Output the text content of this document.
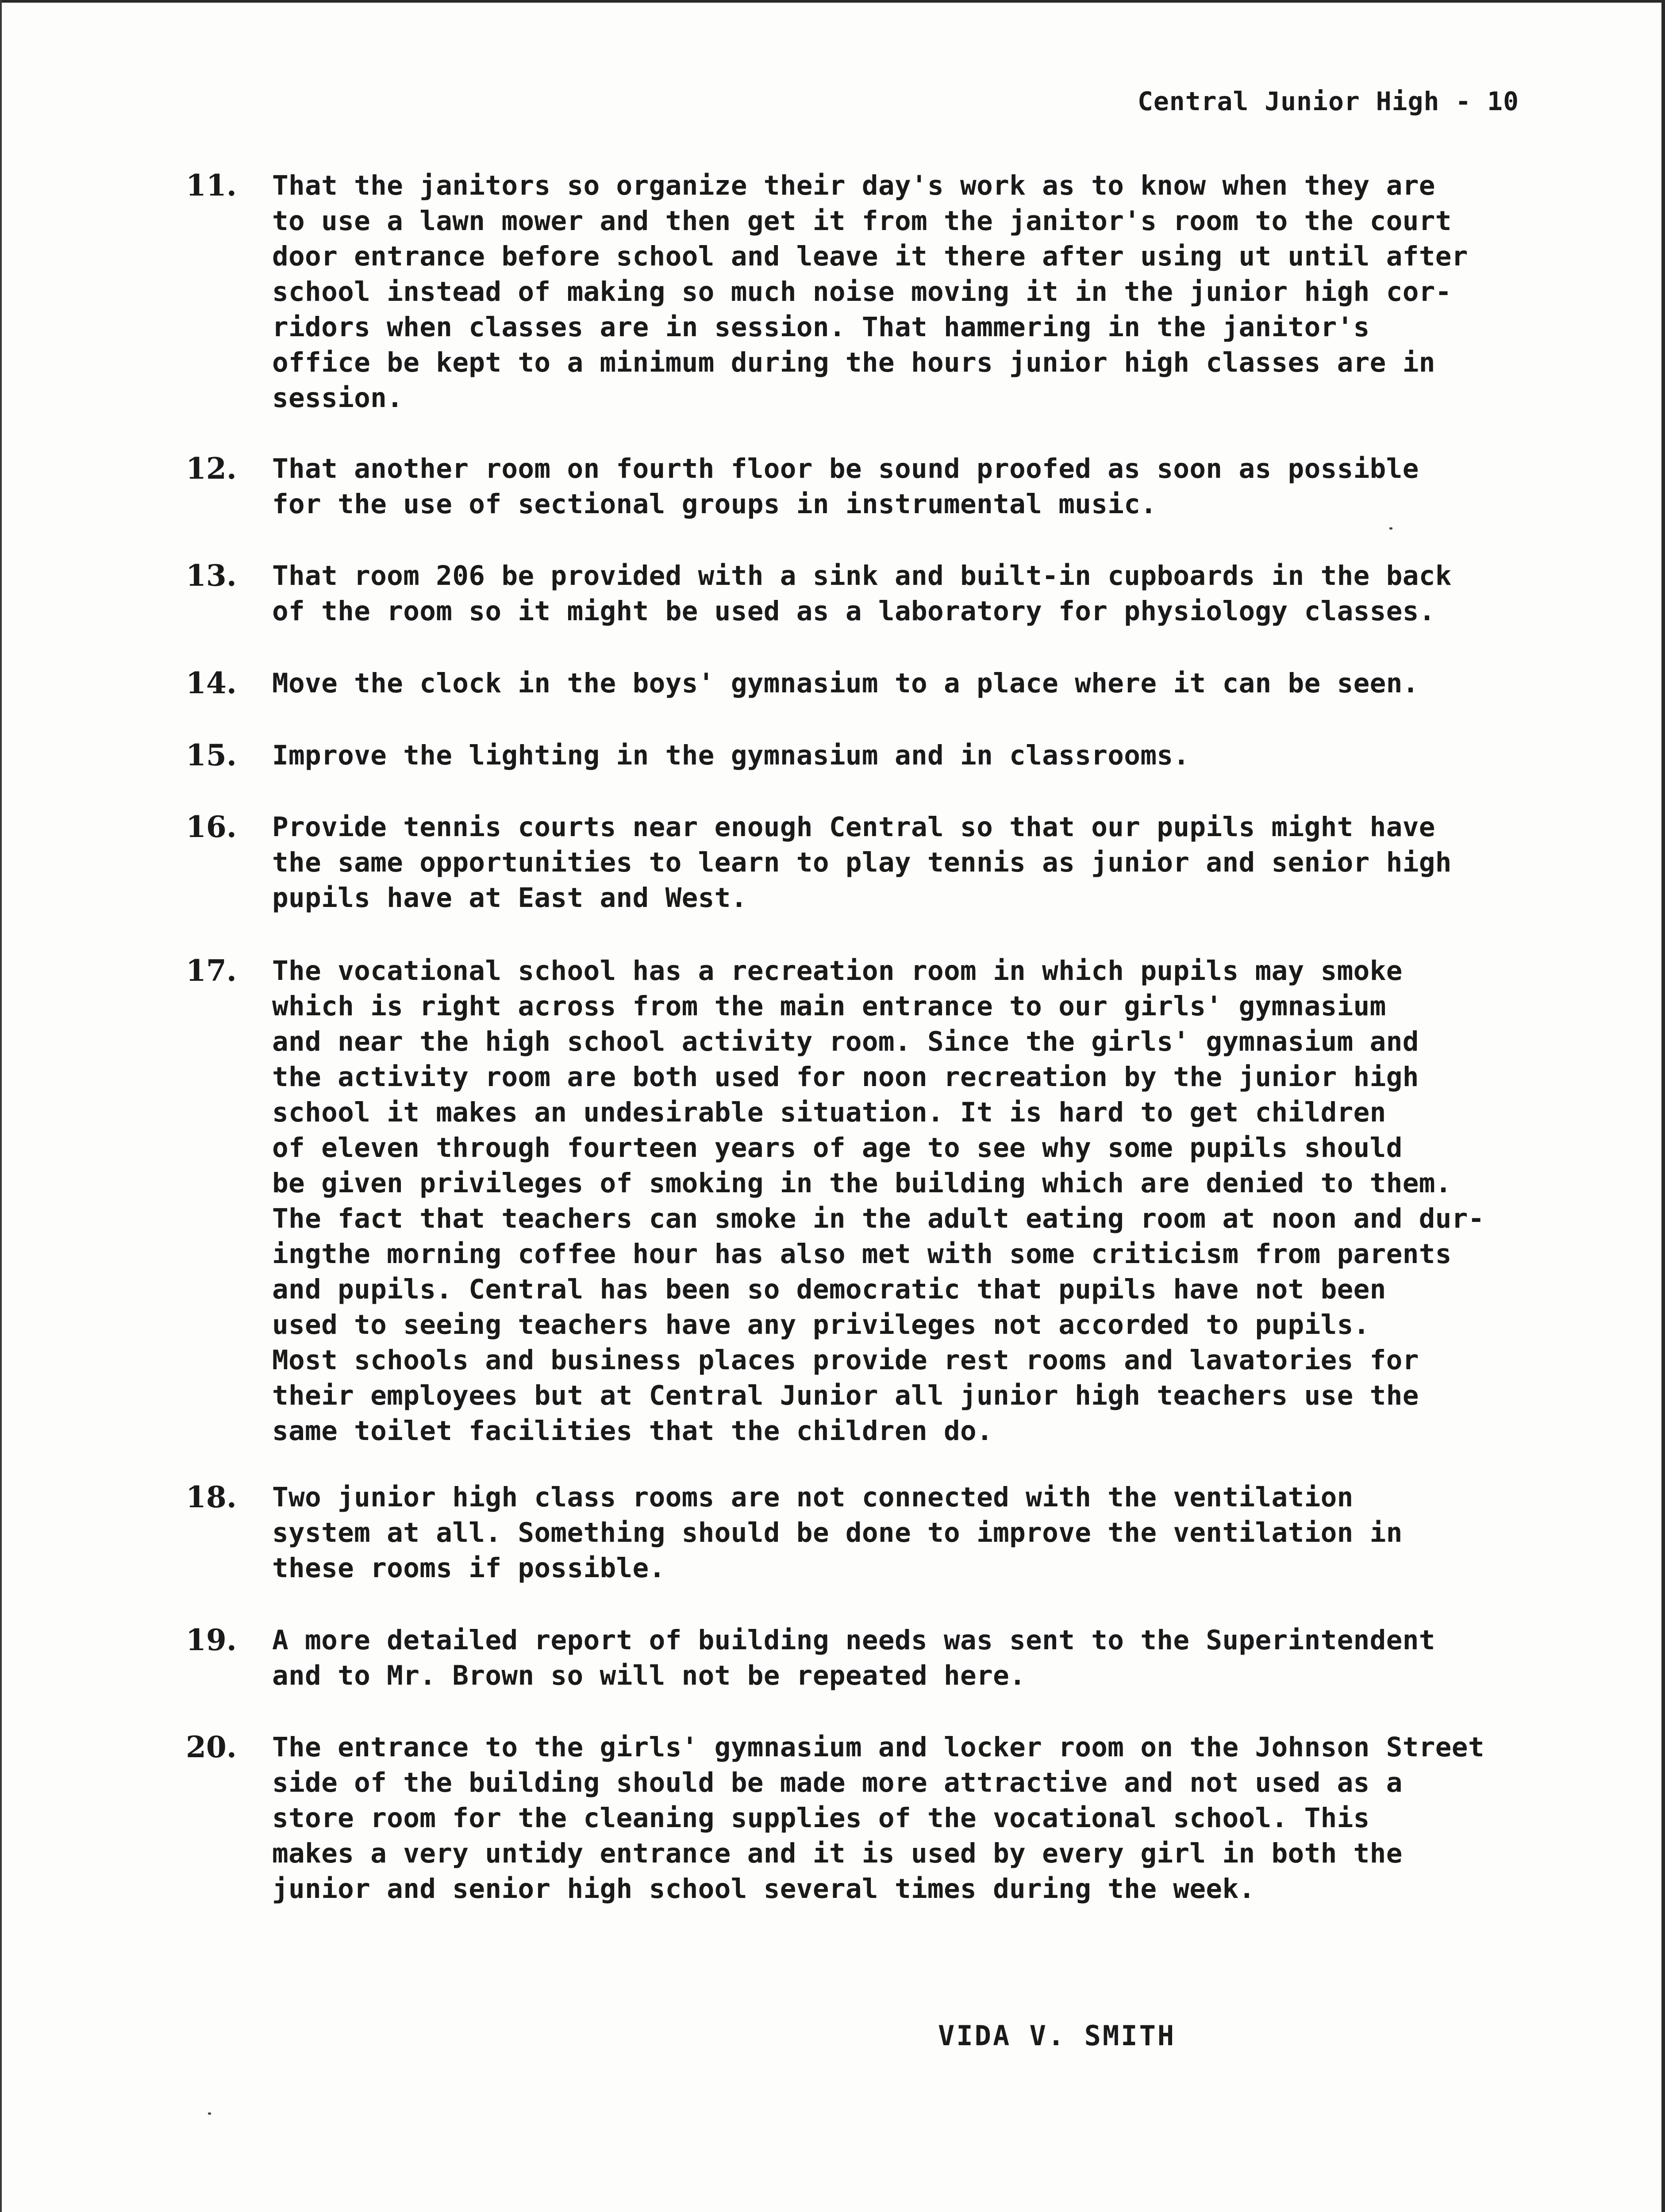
Central Junior High - 10
11. That the janitors so organize their day's work as to know when they are
to use a lawn mower and then get it from the janitor's room to the court
door entrance before school and leave it there after using ut until after
school instead of making so much noise moving it in the junior high cor-
ridors when classes are in session. That hammering in the janitor's
office be kept to a minimum during the hours junior high classes are in
session.
12. That another room on fourth floor be sound proofed as soon as possible
for the use of sectional groups in instrumental music.
13. That room 206 be provided with a sink and built-in cupboards in the back
of the room so it might be used as a laboratory for physiology classes.
14. Move the clock in the boys' gymnasium to a place where it can be seen.
15. Improve the lighting in the gymnasium and in classrooms.
16. Provide tennis courts near enough Central so that our pupils might have
the same opportunities to learn to play tennis as junior and senior high
pupils have at East and West.
17. The vocational school has a recreation room in which pupils may smoke
which is right across from the main entrance to our girls' gymnasium
and near the high school activity room. Since the girls' gymnasium and
the activity room are both used for noon recreation by the junior high
school it makes an undesirable situation. It is hard to get children
of eleven through fourteen years of age to see why some pupils should
be given privileges of smoking in the building which are denied to them.
The fact that teachers can smoke in the adult eating room at noon and dur-
ingthe morning coffee hour has also met with some criticism from parents
and pupils. Central has been so democratic that pupils have not been
used to seeing teachers have any privileges not accorded to pupils.
Most schools and business places provide rest rooms and lavatories for
their employees but at Central Junior all junior high teachers use the
same toilet facilities that the children do.
18. Two junior high class rooms are not connected with the ventilation
system at all. Something should be done to improve the ventilation in
these rooms if possible.
19. A more detailed report of building needs was sent to the Superintendent
and to Mr. Brown so will not be repeated here.
20. The entrance to the girls' gymnasium and locker room on the Johnson Street
side of the building should be made more attractive and not used as a
store room for the cleaning supplies of the vocational school. This
makes a very untidy entrance and it is used by every girl in both the
junior and senior high school several times during the week.
VIDA V. SMITH
